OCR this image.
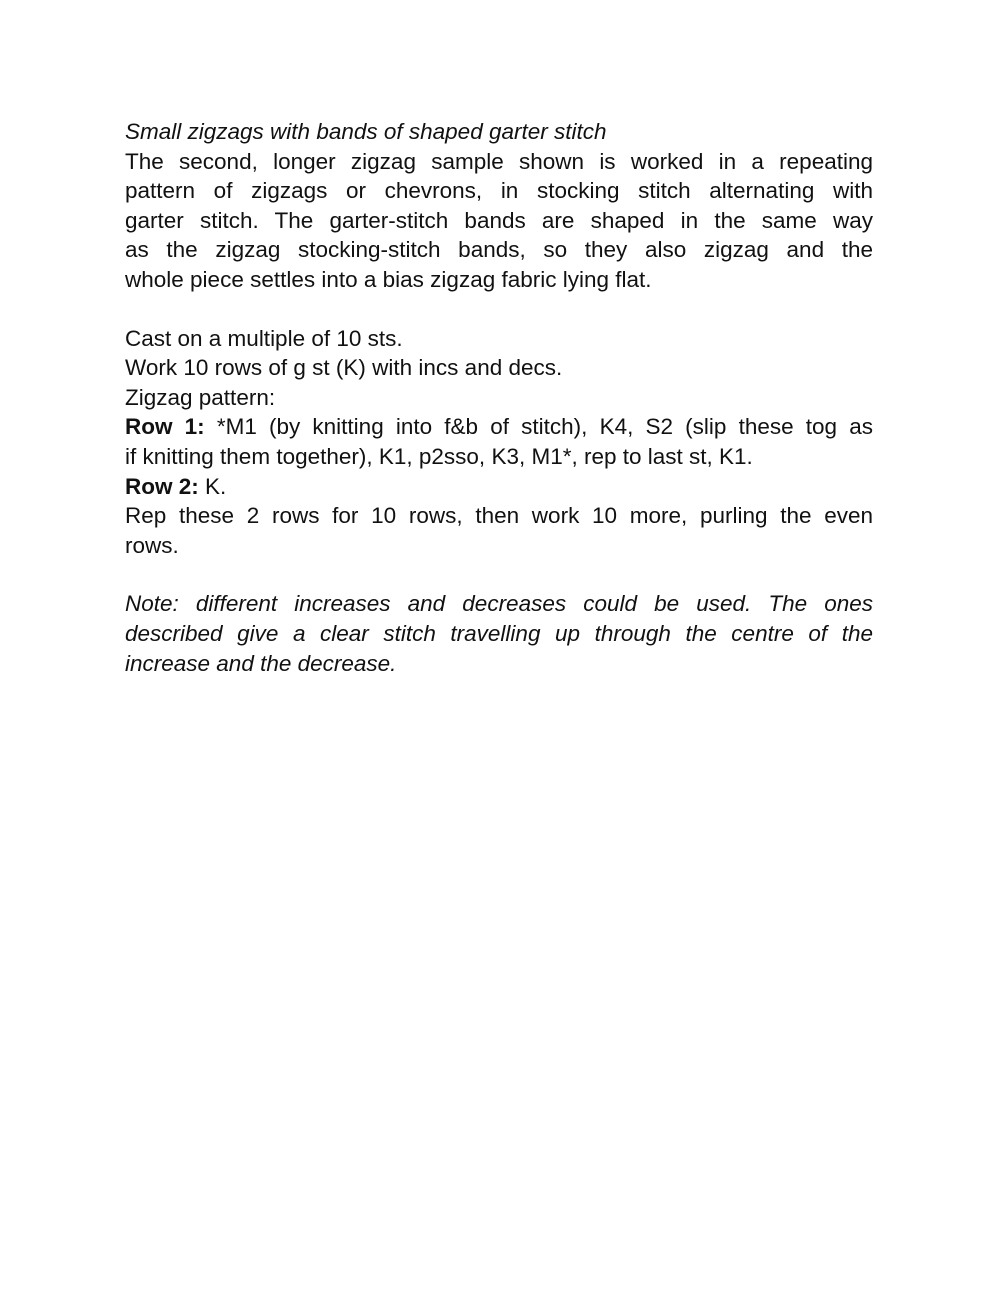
Small zigzags with bands of shaped garter stitch
The second, longer zigzag sample shown is worked in a repeating
pattern of zigzags or chevrons, in stocking stitch alternating with
garter stitch. The garter-stitch bands are shaped in the same way
as the zigzag stocking-stitch bands, so they also zigzag and the
whole piece settles into a bias zigzag fabric lying flat.
Cast on a multiple of 10 sts.
Work 10 rows of g st (K) with incs and decs.
Zigzag pattern:
Row 1: *M1 (by knitting into f&b of stitch), K4, S2 (slip these tog as
if knitting them together), K1, p2sso, K3, M1*, rep to last st, K1.
Row 2: K.
Rep these 2 rows for 10 rows, then work 10 more, purling the even
rows.
Note: different increases and decreases could be used. The ones
described give a clear stitch travelling up through the centre of the
increase and the decrease.
